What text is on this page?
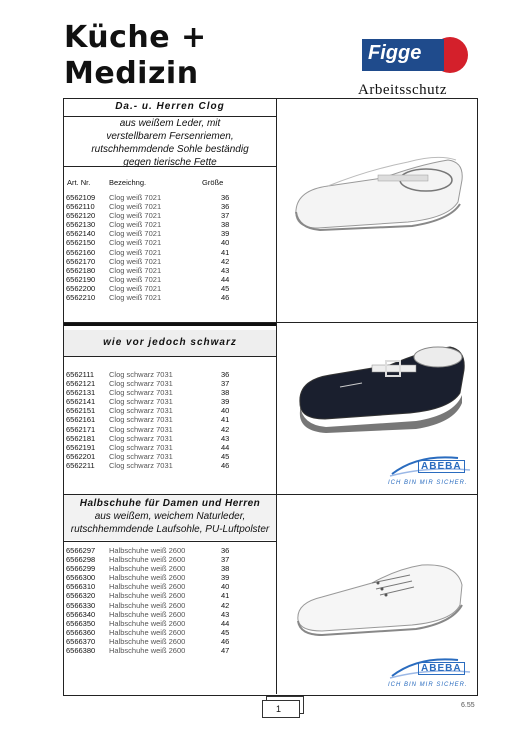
Küche +
Medizin
Figge
Arbeitsschutz
wie vor jedoch schwarz
Da.- u. Herren Clog
aus weißem Leder, mit
verstellbarem Fersenriemen,
rutschhemmdende Sohle beständig
gegen tierische Fette
Art. Nr. Bezeichng.	Größe
6562109 Clog weiß 7021	36
6562110 Clog weiß 7021	36
6562120 Clog weiß 7021	37
6562130 Clog weiß 7021	38
6562140 Clog weiß 7021	39
6562150 Clog weiß 7021	40
6562160 Clog weiß 7021	41
6562170 Clog weiß 7021	42
6562180 Clog weiß 7021	43
6562190 Clog weiß 7021	44
6562200 Clog weiß 7021	45
6562210 Clog weiß 7021	46
6562111 Clog schwarz 7031	36
6562121 Clog schwarz 7031	37
6562131 Clog schwarz 7031	38
6562141 Clog schwarz 7031	39
6562151 Clog schwarz 7031	40
6562161 Clog schwarz 7031	41
6562171 Clog schwarz 7031	42
6562181 Clog schwarz 7031	43
6562191 Clog schwarz 7031	44
6562201 Clog schwarz 7031	45
6562211 Clog schwarz 7031	46
Halbschuhe für Damen und Herren
aus weißem, weichem Naturleder,
rutschhemmdende Laufsohle, PU-Luftpolster
6566297 Halbschuhe weiß 2600	36
6566298 Halbschuhe weiß 2600	37
6566299 Halbschuhe weiß 2600	38
6566300 Halbschuhe weiß 2600	39
6566310 Halbschuhe weiß 2600	40
6566320 Halbschuhe weiß 2600	41
6566330 Halbschuhe weiß 2600	42
6566340 Halbschuhe weiß 2600	43
6566350 Halbschuhe weiß 2600	44
6566360 Halbschuhe weiß 2600	45
6566370 Halbschuhe weiß 2600	46
6566380 Halbschuhe weiß 2600	47
ABEBA
ICH BIN MIR SICHER.
ABEBA
ICH BIN MIR SICHER.
1	6.55
